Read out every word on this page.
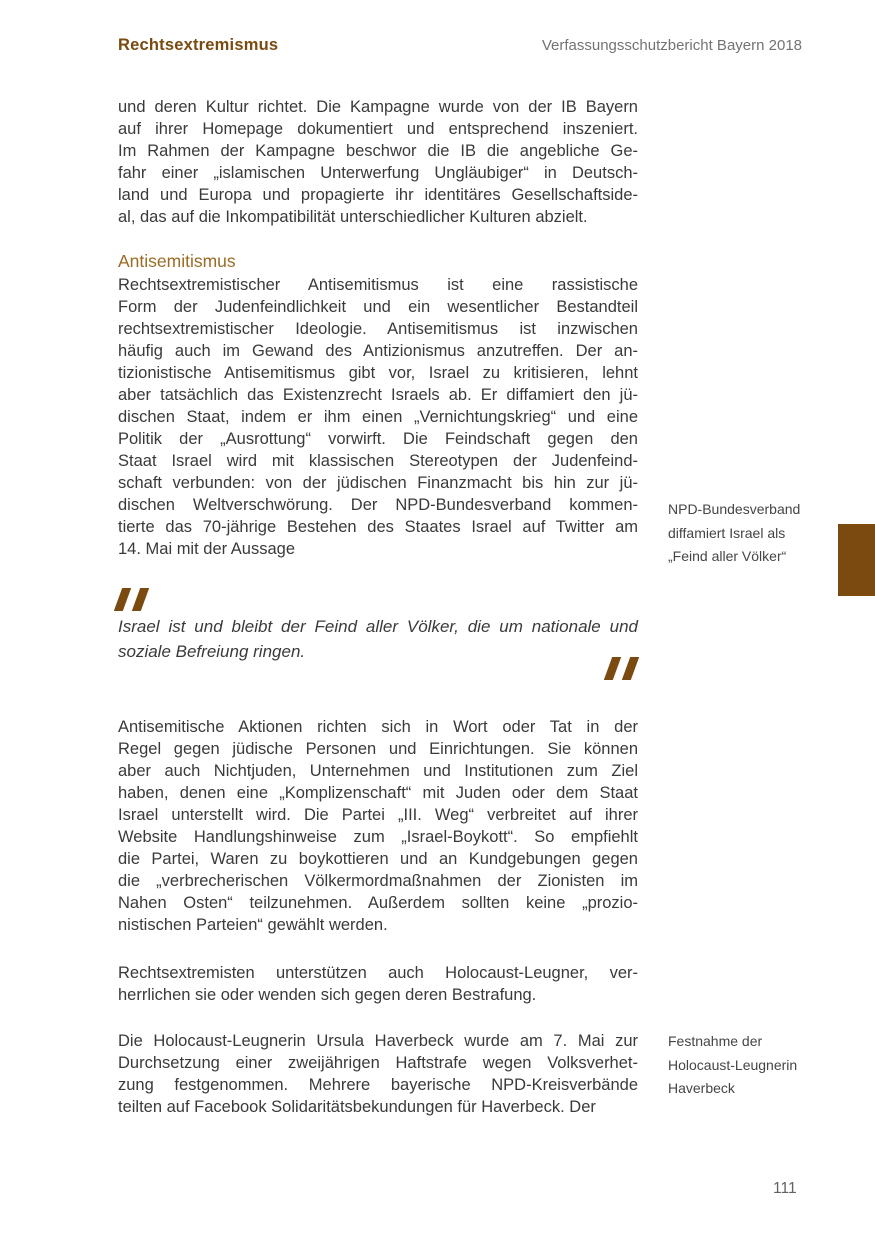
Rechtsextremismus	Verfassungsschutzbericht Bayern 2018
und deren Kultur richtet. Die Kampagne wurde von der IB Bayern
auf ihrer Homepage dokumentiert und entsprechend inszeniert.
Im Rahmen der Kampagne beschwor die IB die angebliche Ge-
fahr einer „islamischen Unterwerfung Ungläubiger“ in Deutsch-
land und Europa und propagierte ihr identitäres Gesellschaftside-
al, das auf die Inkompatibilität unterschiedlicher Kulturen abzielt.
Antisemitismus
Rechtsextremistischer Antisemitismus ist eine rassistische
Form der Judenfeindlichkeit und ein wesentlicher Bestandteil
rechtsextremistischer Ideologie. Antisemitismus ist inzwischen
häufig auch im Gewand des Antizionismus anzutreffen. Der an-
tizionistische Antisemitismus gibt vor, Israel zu kritisieren, lehnt
aber tatsächlich das Existenzrecht Israels ab. Er diffamiert den jü-
dischen Staat, indem er ihm einen „Vernichtungskrieg“ und eine
Politik der „Ausrottung“ vorwirft. Die Feindschaft gegen den
Staat Israel wird mit klassischen Stereotypen der Judenfeind-
schaft verbunden: von der jüdischen Finanzmacht bis hin zur jü-
dischen Weltverschwörung. Der NPD-Bundesverband kommen-
tierte das 70-jährige Bestehen des Staates Israel auf Twitter am
14. Mai mit der Aussage
NPD-Bundesverband
diffamiert Israel als
„Feind aller Völker“
Israel ist und bleibt der Feind aller Völker, die um nationale und
soziale Befreiung ringen.
Antisemitische Aktionen richten sich in Wort oder Tat in der
Regel gegen jüdische Personen und Einrichtungen. Sie können
aber auch Nichtjuden, Unternehmen und Institutionen zum Ziel
haben, denen eine „Komplizenschaft“ mit Juden oder dem Staat
Israel unterstellt wird. Die Partei „III. Weg“ verbreitet auf ihrer
Website Handlungshinweise zum „Israel-Boykott“. So empfiehlt
die Partei, Waren zu boykottieren und an Kundgebungen gegen
die „verbrecherischen Völkermordmaßnahmen der Zionisten im
Nahen Osten“ teilzunehmen. Außerdem sollten keine „prozio-
nistischen Parteien“ gewählt werden.
Rechtsextremisten unterstützen auch Holocaust-Leugner, ver-
herrlichen sie oder wenden sich gegen deren Bestrafung.
Die Holocaust-Leugnerin Ursula Haverbeck wurde am 7. Mai zur
Durchsetzung einer zweijährigen Haftstrafe wegen Volksverhet-
zung festgenommen. Mehrere bayerische NPD-Kreisverbände
teilten auf Facebook Solidaritätsbekundungen für Haverbeck. Der
Festnahme der
Holocaust-Leugnerin
Haverbeck
111
